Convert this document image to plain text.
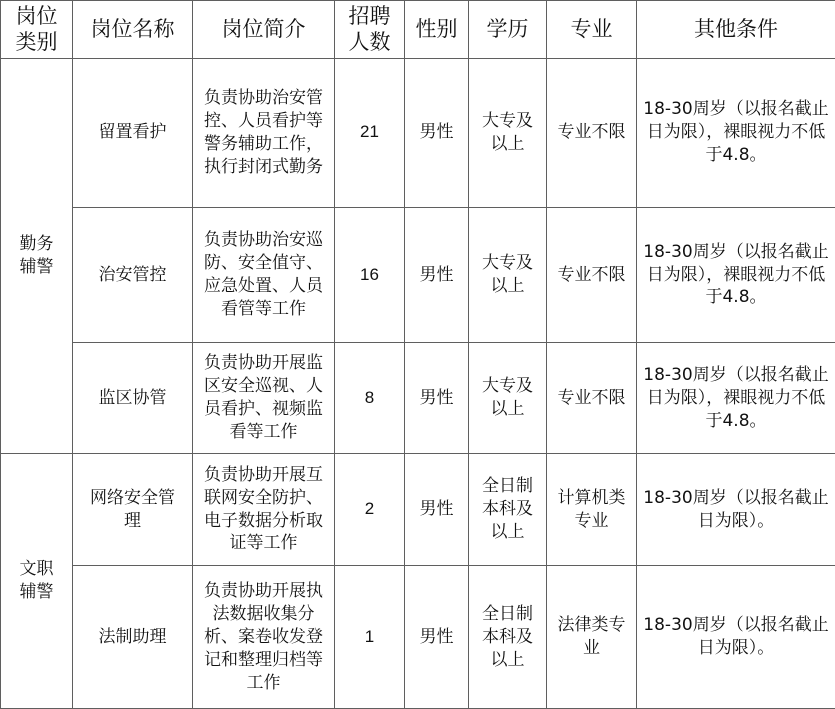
岗位类别	岗位名称	岗位简介	招聘人数	性别	学历	专业	其他条件
勤务辅警	留置看护	负责协助治安管控、人员看护等警务辅助工作，执行封闭式勤务	21	男性	大专及以上	专业不限	18-30周岁（以报名截止日为限），裸眼视力不低于4.8。
	治安管控	负责协助治安巡防、安全值守、应急处置、人员看管等工作	16	男性	大专及以上	专业不限	18-30周岁（以报名截止日为限），裸眼视力不低于4.8。
	监区协管	负责协助开展监区安全巡视、人员看护、视频监看等工作	8	男性	大专及以上	专业不限	18-30周岁（以报名截止日为限），裸眼视力不低于4.8。
文职辅警	网络安全管理	负责协助开展互联网安全防护、电子数据分析取证等工作	2	男性	全日制本科及以上	计算机类专业	18-30周岁（以报名截止日为限）。
	法制助理	负责协助开展执法数据收集分析、案卷收发登记和整理归档等工作	1	男性	全日制本科及以上	法律类专业	18-30周岁（以报名截止日为限）。
